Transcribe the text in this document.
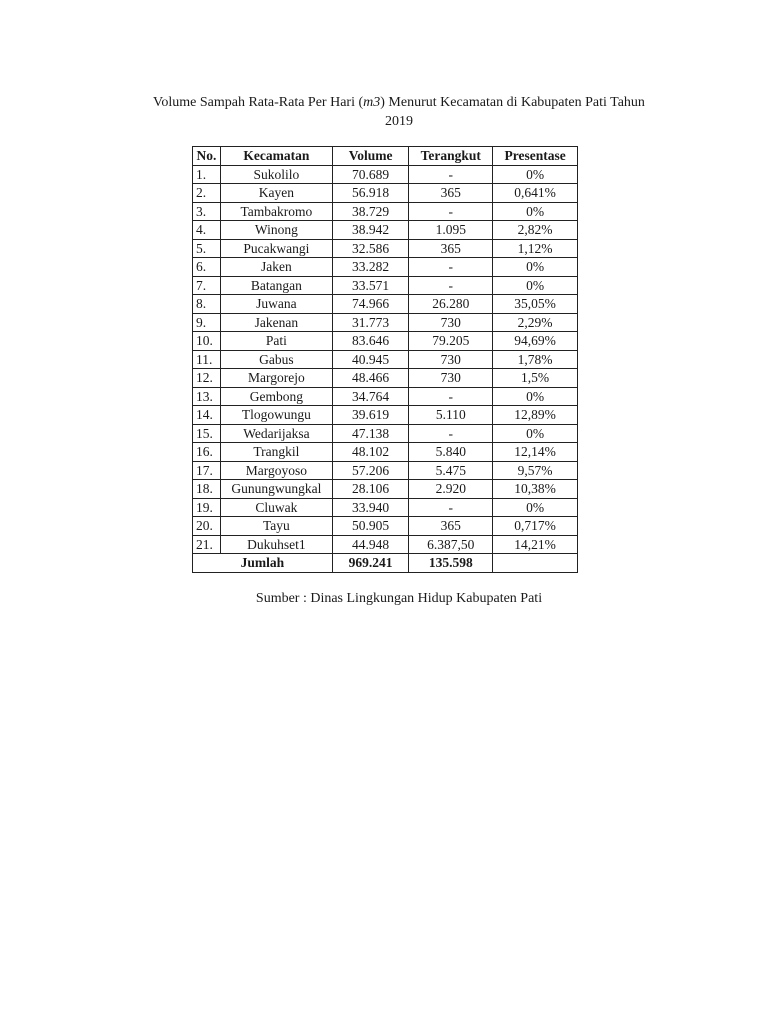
Volume Sampah Rata-Rata Per Hari (m3) Menurut Kecamatan di Kabupaten Pati Tahun
2019
No.	Kecamatan	Volume	Terangkut	Presentase
1.	Sukolilo	70.689	-	0%
2.	Kayen	56.918	365	0,641%
3.	Tambakromo	38.729	-	0%
4.	Winong	38.942	1.095	2,82%
5.	Pucakwangi	32.586	365	1,12%
6.	Jaken	33.282	-	0%
7.	Batangan	33.571	-	0%
8.	Juwana	74.966	26.280	35,05%
9.	Jakenan	31.773	730	2,29%
10.	Pati	83.646	79.205	94,69%
11.	Gabus	40.945	730	1,78%
12.	Margorejo	48.466	730	1,5%
13.	Gembong	34.764	-	0%
14.	Tlogowungu	39.619	5.110	12,89%
15.	Wedarijaksa	47.138	-	0%
16.	Trangkil	48.102	5.840	12,14%
17.	Margoyoso	57.206	5.475	9,57%
18.	Gunungwungkal	28.106	2.920	10,38%
19.	Cluwak	33.940	-	0%
20.	Tayu	50.905	365	0,717%
21.	Dukuhset1	44.948	6.387,50	14,21%
Jumlah		969.241	135.598	
Sumber : Dinas Lingkungan Hidup Kabupaten Pati
